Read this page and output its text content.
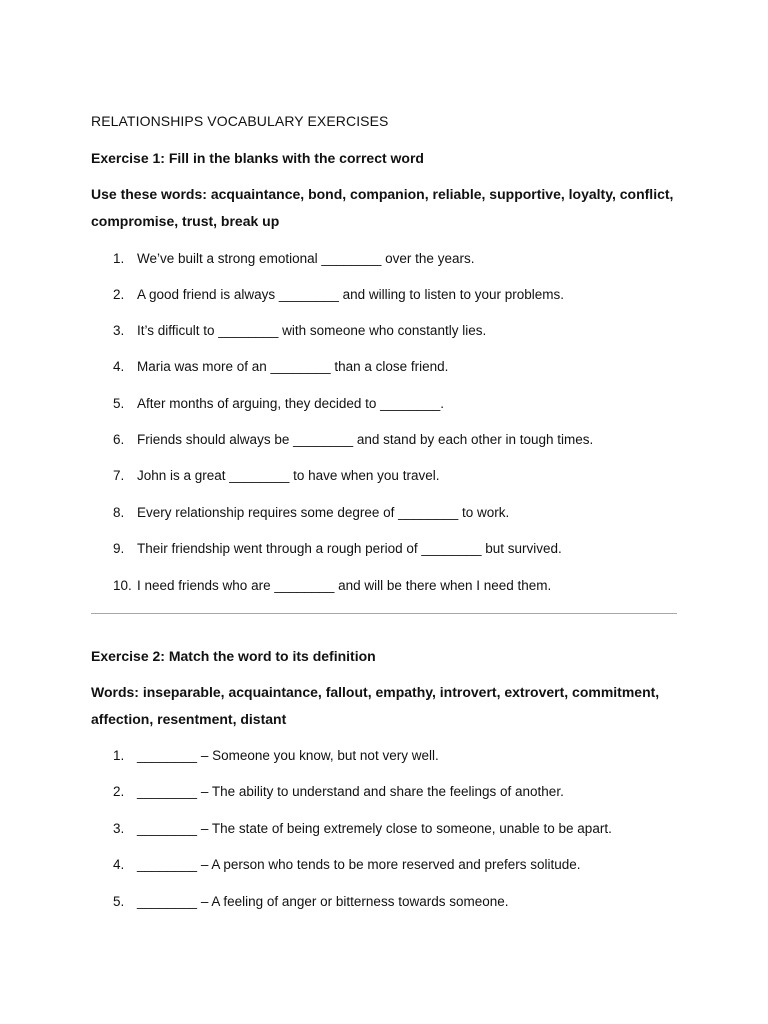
RELATIONSHIPS VOCABULARY EXERCISES
Exercise 1: Fill in the blanks with the correct word
Use these words: acquaintance, bond, companion, reliable, supportive, loyalty, conflict, compromise, trust, break up
1. We’ve built a strong emotional ________ over the years.
2. A good friend is always ________ and willing to listen to your problems.
3. It’s difficult to ________ with someone who constantly lies.
4. Maria was more of an ________ than a close friend.
5. After months of arguing, they decided to ________.
6. Friends should always be ________ and stand by each other in tough times.
7. John is a great ________ to have when you travel.
8. Every relationship requires some degree of ________ to work.
9. Their friendship went through a rough period of ________ but survived.
10. I need friends who are ________ and will be there when I need them.
Exercise 2: Match the word to its definition
Words: inseparable, acquaintance, fallout, empathy, introvert, extrovert, commitment, affection, resentment, distant
1. ________ – Someone you know, but not very well.
2. ________ – The ability to understand and share the feelings of another.
3. ________ – The state of being extremely close to someone, unable to be apart.
4. ________ – A person who tends to be more reserved and prefers solitude.
5. ________ – A feeling of anger or bitterness towards someone.
